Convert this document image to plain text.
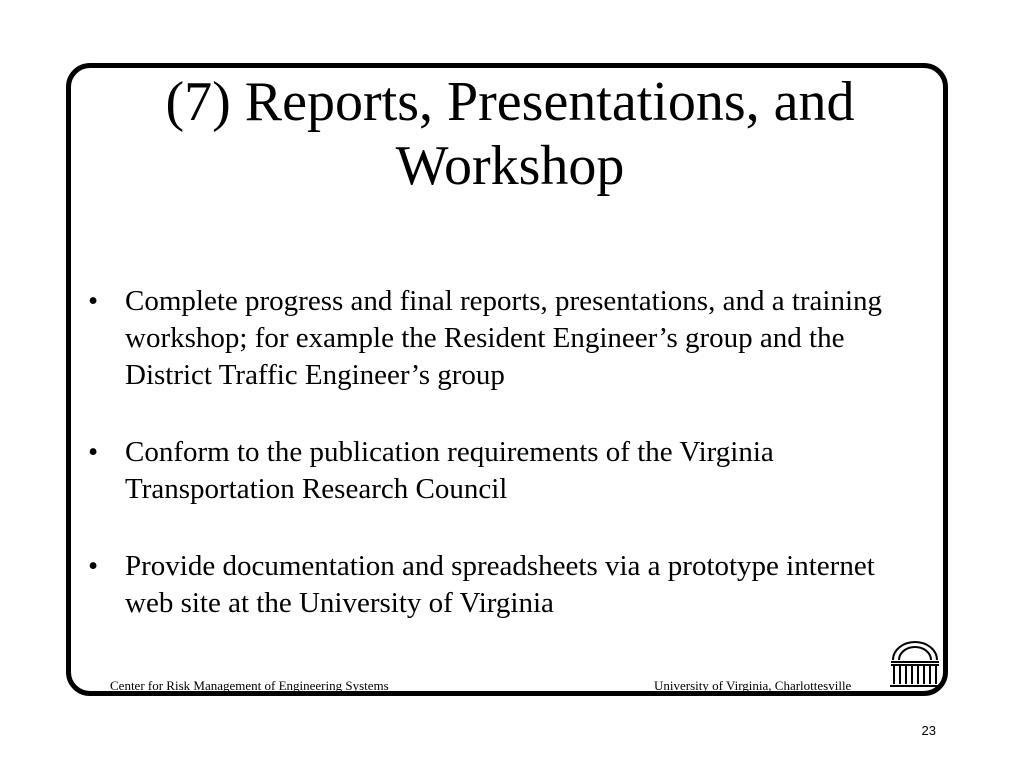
(7) Reports, Presentations, and
Workshop
• Complete progress and final reports, presentations, and a training workshop; for example the Resident Engineer’s group and the District Traffic Engineer’s group
• Conform to the publication requirements of the Virginia Transportation Research Council
• Provide documentation and spreadsheets via a prototype internet web site at the University of Virginia
Center for Risk Management of Engineering Systems	University of Virginia, Charlottesville
23
